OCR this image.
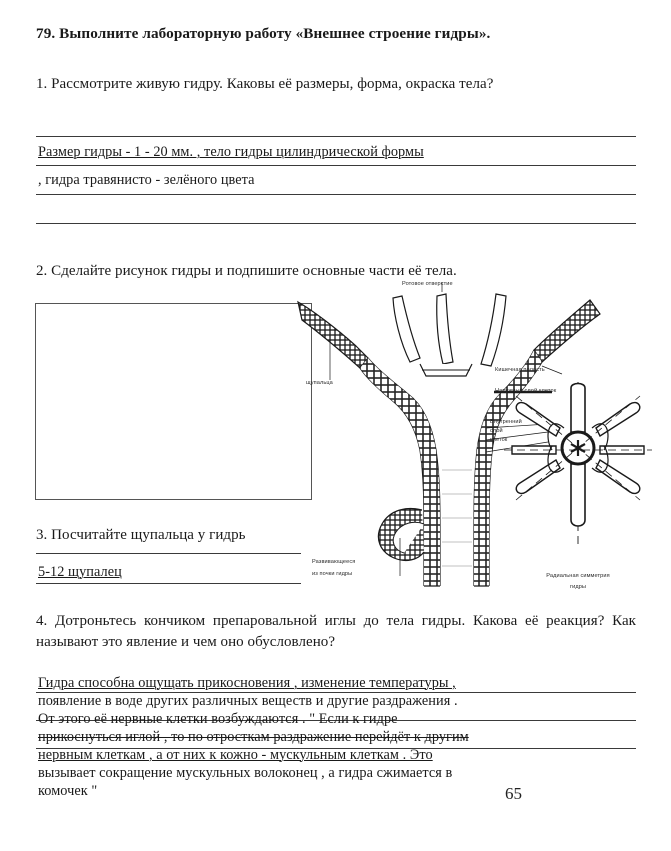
79. Выполните лабораторную работу «Внешнее строение гидры».
1. Рассмотрите живую гидру. Каковы её размеры, форма, окраска тела?
Размер гидры - 1 - 20 мм. , тело гидры цилиндрической формы
, гидра травянисто - зелёного цвета
2. Сделайте рисунок гидры и подпишите основные части её тела.
Ротовое отверстие
щупальца
Кишечная полость
Наружный слой клеток
Внутренний
слой
клеток
Развивающееся
из почки гидры	Радиальная симметрия
гидры
3. Посчитайте щупальца у гидрь
5-12 щупалец
4. Дотроньтесь кончиком препаровальной иглы до тела гидры. Какова её реакция? Как называют это явление и чем оно обусловлено?
Гидра способна ощущать прикосновения , изменение температуры ,
появление в воде других различных веществ и другие раздражения .
От этого её нервные клетки возбуждаются . " Если к гидре
прикоснуться иглой , то по отросткам раздражение перейдёт к другим
нервным клеткам , а от них к кожно - мускульным клеткам . Это
вызывает сокращение мускульных волоконец , а гидра сжимается в
комочек "	65
